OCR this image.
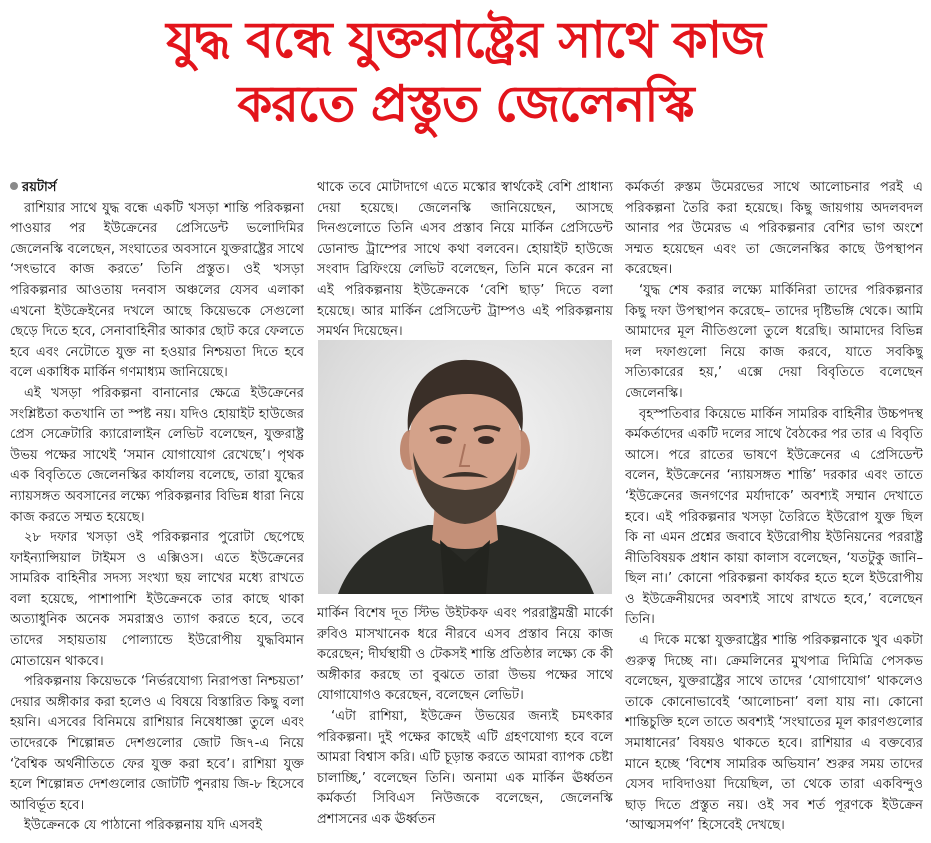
যুদ্ধ বন্ধে যুক্তরাষ্ট্রের সাথে কাজ
করতে প্রস্তুত জেলেনস্কি

রয়টার্স

রাশিয়ার সাথে যুদ্ধ বন্ধে একটি খসড়া শান্তি পরিকল্পনা পাওয়ার পর ইউক্রেনের প্রেসিডেন্ট ভলোদিমির জেলেনস্কি বলেছেন, সংঘাতের অবসানে যুক্তরাষ্ট্রের সাথে ‘সৎভাবে কাজ করতে’ তিনি প্রস্তুত। ওই খসড়া পরিকল্পনার আওতায় দনবাস অঞ্চলের যেসব এলাকা এখনো ইউক্রেইনের দখলে আছে কিয়েভকে সেগুলো ছেড়ে দিতে হবে, সেনাবাহিনীর আকার ছোট করে ফেলতে হবে এবং নেটোতে যুক্ত না হওয়ার নিশ্চয়তা দিতে হবে বলে একাধিক মার্কিন গণমাধ্যম জানিয়েছে।

এই খসড়া পরিকল্পনা বানানোর ক্ষেত্রে ইউক্রেনের সংশ্লিষ্টতা কতখানি তা স্পষ্ট নয়। যদিও হোয়াইট হাউজের প্রেস সেক্রেটারি ক্যারোলাইন লেভিট বলেছেন, যুক্তরাষ্ট্র উভয় পক্ষের সাথেই ‘সমান যোগাযোগ রেখেছে’। পৃথক এক বিবৃতিতে জেলেনস্কির কার্যালয় বলেছে, তারা যুদ্ধের ন্যায়সঙ্গত অবসানের লক্ষ্যে পরিকল্পনার বিভিন্ন ধারা নিয়ে কাজ করতে সম্মত হয়েছে।

২৮ দফার খসড়া ওই পরিকল্পনার পুরোটা ছেপেছে ফাইন্যান্সিয়াল টাইমস ও এক্সিওস। এতে ইউক্রেনের সামরিক বাহিনীর সদস্য সংখ্যা ছয় লাখের মধ্যে রাখতে বলা হয়েছে, পাশাপাশি ইউক্রেনকে তার কাছে থাকা অত্যাধুনিক অনেক সমরাস্ত্রও ত্যাগ করতে হবে, তবে তাদের সহায়তায় পোল্যান্ডে ইউরোপীয় যুদ্ধবিমান মোতায়েন থাকবে।

পরিকল্পনায় কিয়েভকে ‘নির্ভরযোগ্য নিরাপত্তা নিশ্চয়তা’ দেয়ার অঙ্গীকার করা হলেও এ বিষয়ে বিস্তারিত কিছু বলা হয়নি। এসবের বিনিময়ে রাশিয়ার নিষেধাজ্ঞা তুলে এবং তাদেরকে শিল্পোন্নত দেশগুলোর জোট জি৭-এ নিয়ে ‘বৈশ্বিক অর্থনীতিতে ফের যুক্ত করা হবে’। রাশিয়া যুক্ত হলে শিল্পোন্নত দেশগুলোর জোটটি পুনরায় জি-৮ হিসেবে আবির্ভূত হবে।

ইউক্রেনকে যে পাঠানো পরিকল্পনায় যদি এসবই

থাকে তবে মোটাদাগে এতে মস্কোর স্বার্থকেই বেশি প্রাধান্য দেয়া হয়েছে। জেলেনস্কি জানিয়েছেন, আসছে দিনগুলোতে তিনি এসব প্রস্তাব নিয়ে মার্কিন প্রেসিডেন্ট ডোনাল্ড ট্রাম্পের সাথে কথা বলবেন। হোয়াইট হাউজে সংবাদ ব্রিফিংয়ে লেভিট বলেছেন, তিনি মনে করেন না এই পরিকল্পনায় ইউক্রেনকে ‘বেশি ছাড়’ দিতে বলা হয়েছে। আর মার্কিন প্রেসিডেন্ট ট্রাম্পও এই পরিকল্পনায় সমর্থন দিয়েছেন।

মার্কিন বিশেষ দূত স্টিভ উইটকফ এবং পররাষ্ট্রমন্ত্রী মার্কো রুবিও মাসখানেক ধরে নীরবে এসব প্রস্তাব নিয়ে কাজ করেছেন; দীর্ঘস্থায়ী ও টেকসই শান্তি প্রতিষ্ঠার লক্ষ্যে কে কী অঙ্গীকার করছে তা বুঝতে তারা উভয় পক্ষের সাথে যোগাযোগও করেছেন, বলেছেন লেভিট।

‘এটা রাশিয়া, ইউক্রেন উভয়ের জন্যই চমৎকার পরিকল্পনা। দুই পক্ষের কাছেই এটি গ্রহণযোগ্য হবে বলে আমরা বিশ্বাস করি। এটি চূড়ান্ত করতে আমরা ব্যাপক চেষ্টা চালাচ্ছি,’ বলেছেন তিনি। অনামা এক মার্কিন ঊর্ধ্বতন কর্মকর্তা সিবিএস নিউজকে বলেছেন, জেলেনস্কি প্রশাসনের এক ঊর্ধ্বতন

কর্মকর্তা রুস্তম উমেরভের সাথে আলোচনার পরই এ পরিকল্পনা তৈরি করা হয়েছে। কিছু জায়গায় অদলবদল আনার পর উমেরভ এ পরিকল্পনার বেশির ভাগ অংশে সম্মত হয়েছেন এবং তা জেলেনস্কির কাছে উপস্থাপন করেছেন।

‘যুদ্ধ শেষ করার লক্ষ্যে মার্কিনিরা তাদের পরিকল্পনার কিছু দফা উপস্থাপন করেছে– তাদের দৃষ্টিভঙ্গি থেকে। আমি আমাদের মূল নীতিগুলো তুলে ধরেছি। আমাদের বিভিন্ন দল দফাগুলো নিয়ে কাজ করবে, যাতে সবকিছু সত্যিকারের হয়,’ এক্সে দেয়া বিবৃতিতে বলেছেন জেলেনস্কি।

বৃহস্পতিবার কিয়েভে মার্কিন সামরিক বাহিনীর উচ্চপদস্থ কর্মকর্তাদের একটি দলের সাথে বৈঠকের পর তার এ বিবৃতি আসে। পরে রাতের ভাষণে ইউক্রেনের এ প্রেসিডেন্ট বলেন, ইউক্রেনের ‘ন্যায়সঙ্গত শান্তি’ দরকার এবং তাতে ‘ইউক্রেনের জনগণের মর্যাদাকে’ অবশ্যই সম্মান দেখাতে হবে। এই পরিকল্পনার খসড়া তৈরিতে ইউরোপ যুক্ত ছিল কি না এমন প্রশ্নের জবাবে ইউরোপীয় ইউনিয়নের পররাষ্ট্র নীতিবিষয়ক প্রধান কায়া কালাস বলেছেন, ‘যতটুকু জানি– ছিল না।’ কোনো পরিকল্পনা কার্যকর হতে হলে ইউরোপীয় ও ইউক্রেনীয়দের অবশ্যই সাথে রাখতে হবে,’ বলেছেন তিনি।

এ দিকে মস্কো যুক্তরাষ্ট্রের শান্তি পরিকল্পনাকে খুব একটা গুরুত্ব দিচ্ছে না। ক্রেমলিনের মুখপাত্র দিমিত্রি পেসকভ বলেছেন, যুক্তরাষ্ট্রের সাথে তাদের ‘যোগাযোগ’ থাকলেও তাকে কোনোভাবেই ‘আলোচনা’ বলা যায় না। কোনো শান্তিচুক্তি হলে তাতে অবশ্যই ‘সংঘাতের মূল কারণগুলোর সমাধানের’ বিষয়ও থাকতে হবে। রাশিয়ার এ বক্তব্যের মানে হচ্ছে ‘বিশেষ সামরিক অভিযান’ শুরুর সময় তাদের যেসব দাবিদাওয়া দিয়েছিল, তা থেকে তারা একবিন্দুও ছাড় দিতে প্রস্তুত নয়। ওই সব শর্ত পূরণকে ইউক্রেন ‘আত্মসমর্পণ’ হিসেবেই দেখছে।
